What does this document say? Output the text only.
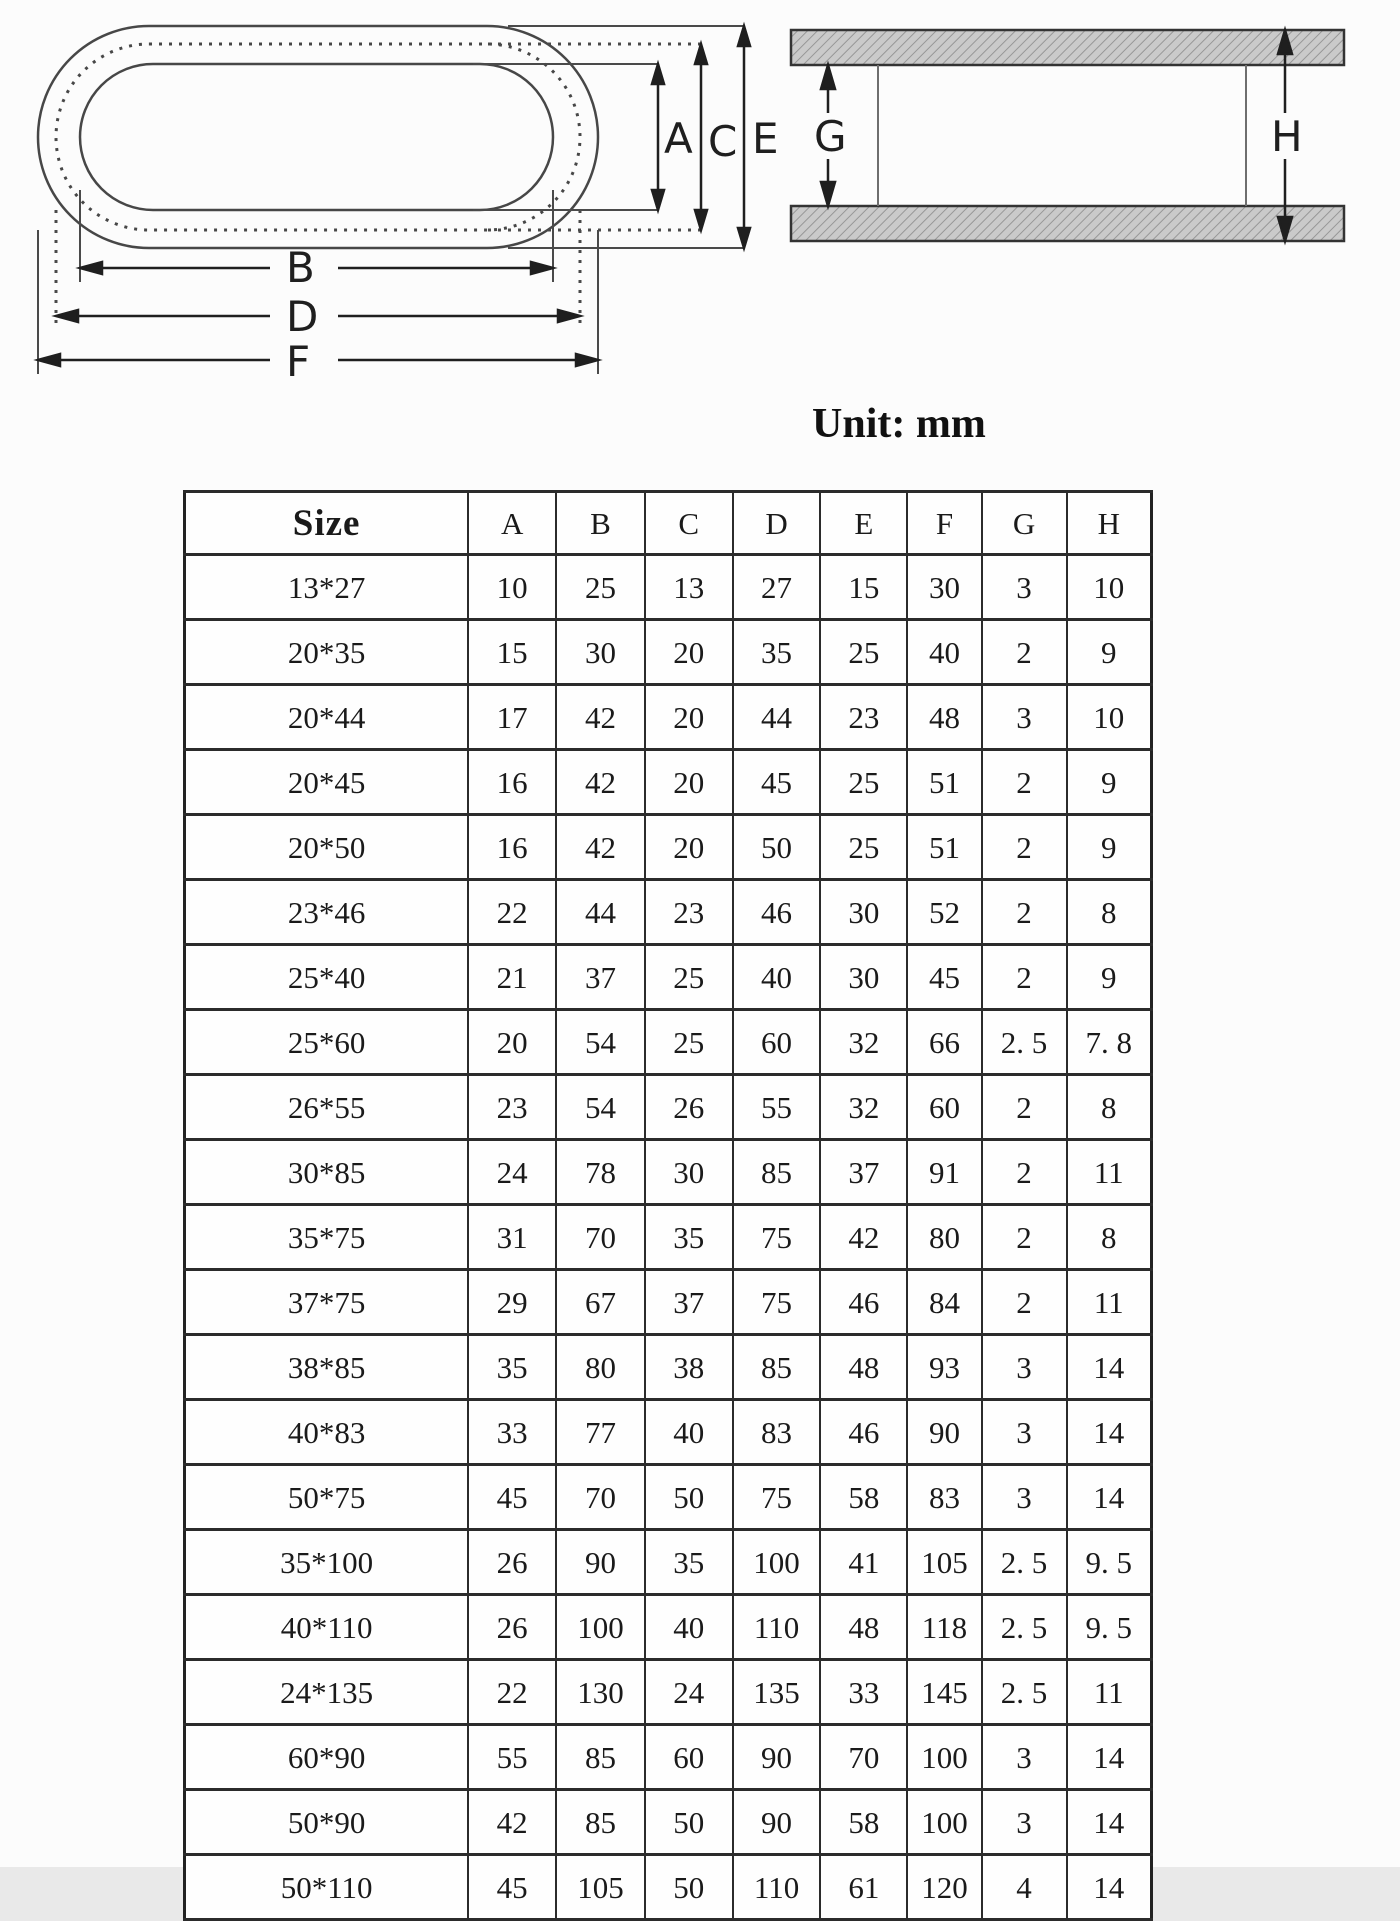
A C E
B
D
F
G	H
Unit: mm
Size	A	B	C	D	E	F	G	H
13*27	10	25	13	27	15	30	3	10
20*35	15	30	20	35	25	40	2	9
20*44	17	42	20	44	23	48	3	10
20*45	16	42	20	45	25	51	2	9
20*50	16	42	20	50	25	51	2	9
23*46	22	44	23	46	30	52	2	8
25*40	21	37	25	40	30	45	2	9
25*60	20	54	25	60	32	66	2. 5	7. 8
26*55	23	54	26	55	32	60	2	8
30*85	24	78	30	85	37	91	2	11
35*75	31	70	35	75	42	80	2	8
37*75	29	67	37	75	46	84	2	11
38*85	35	80	38	85	48	93	3	14
40*83	33	77	40	83	46	90	3	14
50*75	45	70	50	75	58	83	3	14
35*100	26	90	35	100	41	105	2. 5	9. 5
40*110	26	100	40	110	48	118	2. 5	9. 5
24*135	22	130	24	135	33	145	2. 5	11
60*90	55	85	60	90	70	100	3	14
50*90	42	85	50	90	58	100	3	14
50*110	45	105	50	110	61	120	4	14
